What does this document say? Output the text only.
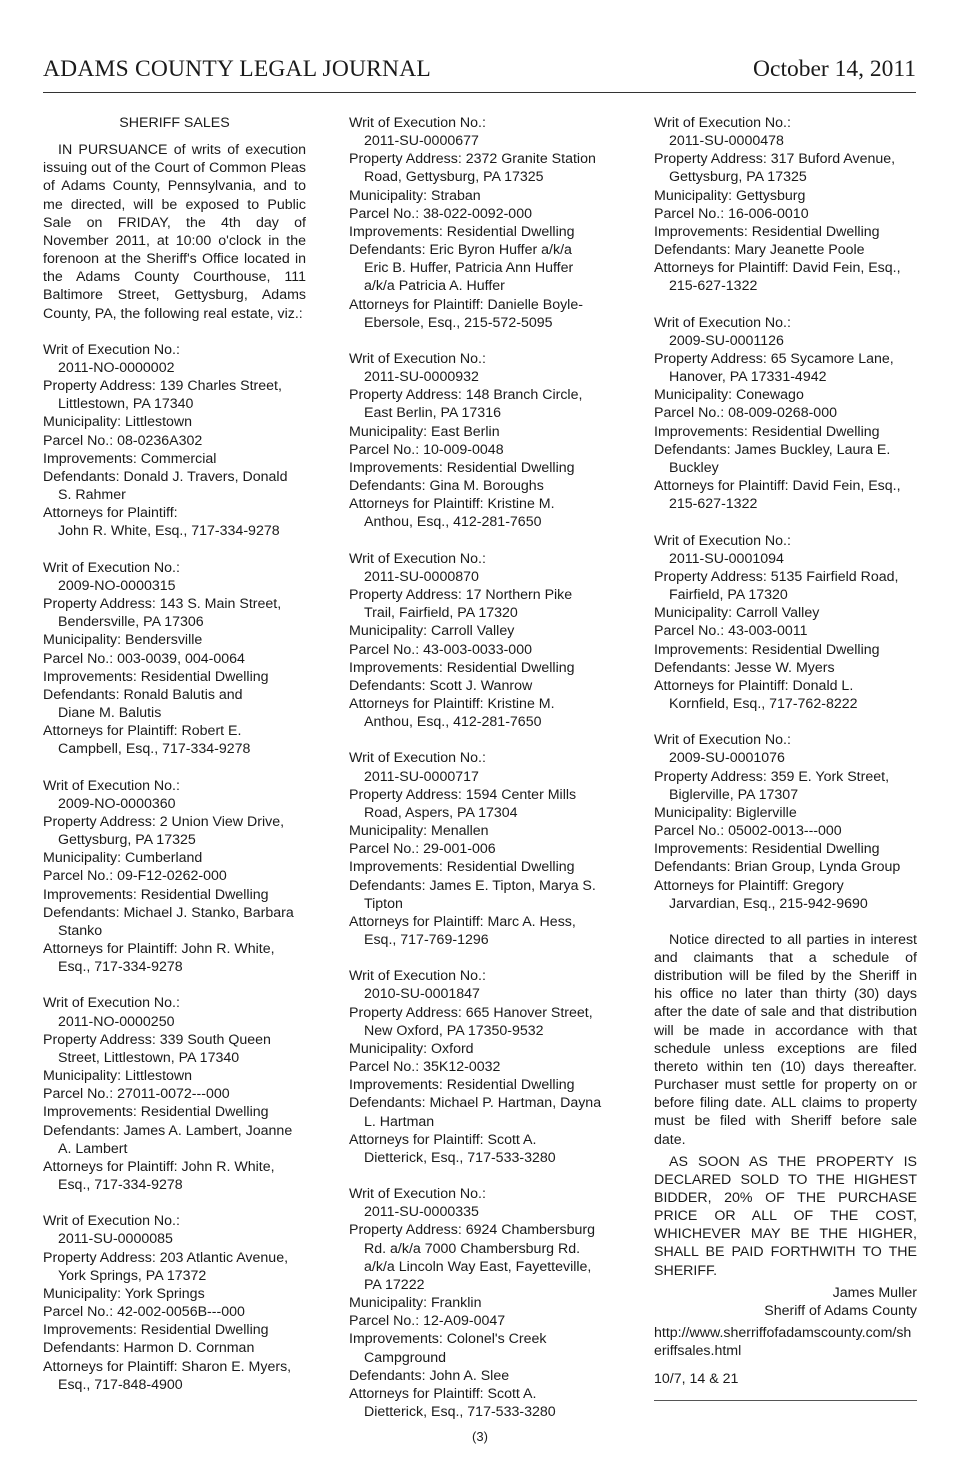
ADAMS COUNTY LEGAL JOURNAL	October 14, 2011

SHERIFF SALES

IN PURSUANCE of writs of execution issuing out of the Court of Common Pleas of Adams County, Pennsylvania, and to me directed, will be exposed to Public Sale on FRIDAY, the 4th day of November 2011, at 10:00 o'clock in the forenoon at the Sheriff's Office located in the Adams County Courthouse, 111 Baltimore Street, Gettysburg, Adams County, PA, the following real estate, viz.:

Writ of Execution No.:
2011-NO-0000002
Property Address: 139 Charles Street,
Littlestown, PA 17340
Municipality: Littlestown
Parcel No.: 08-0236A302
Improvements: Commercial
Defendants: Donald J. Travers, Donald
S. Rahmer
Attorneys for Plaintiff:
John R. White, Esq., 717-334-9278
Writ of Execution No.:
2009-NO-0000315
Property Address: 143 S. Main Street,
Bendersville, PA 17306
Municipality: Bendersville
Parcel No.: 003-0039, 004-0064
Improvements: Residential Dwelling
Defendants: Ronald Balutis and
Diane M. Balutis
Attorneys for Plaintiff: Robert E.
Campbell, Esq., 717-334-9278
Writ of Execution No.:
2009-NO-0000360
Property Address: 2 Union View Drive,
Gettysburg, PA 17325
Municipality: Cumberland
Parcel No.: 09-F12-0262-000
Improvements: Residential Dwelling
Defendants: Michael J. Stanko, Barbara
Stanko
Attorneys for Plaintiff: John R. White,
Esq., 717-334-9278
Writ of Execution No.:
2011-NO-0000250
Property Address: 339 South Queen
Street, Littlestown, PA 17340
Municipality: Littlestown
Parcel No.: 27011-0072---000
Improvements: Residential Dwelling
Defendants: James A. Lambert, Joanne
A. Lambert
Attorneys for Plaintiff: John R. White,
Esq., 717-334-9278
Writ of Execution No.:
2011-SU-0000085
Property Address: 203 Atlantic Avenue,
York Springs, PA 17372
Municipality: York Springs
Parcel No.: 42-002-0056B---000
Improvements: Residential Dwelling
Defendants: Harmon D. Cornman
Attorneys for Plaintiff: Sharon E. Myers,
Esq., 717-848-4900
Writ of Execution No.:
2011-SU-0000677
Property Address: 2372 Granite Station
Road, Gettysburg, PA 17325
Municipality: Straban
Parcel No.: 38-022-0092-000
Improvements: Residential Dwelling
Defendants: Eric Byron Huffer a/k/a
Eric B. Huffer, Patricia Ann Huffer
a/k/a Patricia A. Huffer
Attorneys for Plaintiff: Danielle Boyle-
Ebersole, Esq., 215-572-5095
Writ of Execution No.:
2011-SU-0000932
Property Address: 148 Branch Circle,
East Berlin, PA 17316
Municipality: East Berlin
Parcel No.: 10-009-0048
Improvements: Residential Dwelling
Defendants: Gina M. Boroughs
Attorneys for Plaintiff: Kristine M.
Anthou, Esq., 412-281-7650
Writ of Execution No.:
2011-SU-0000870
Property Address: 17 Northern Pike
Trail, Fairfield, PA 17320
Municipality: Carroll Valley
Parcel No.: 43-003-0033-000
Improvements: Residential Dwelling
Defendants: Scott J. Wanrow
Attorneys for Plaintiff: Kristine M.
Anthou, Esq., 412-281-7650
Writ of Execution No.:
2011-SU-0000717
Property Address: 1594 Center Mills
Road, Aspers, PA 17304
Municipality: Menallen
Parcel No.: 29-001-006
Improvements: Residential Dwelling
Defendants: James E. Tipton, Marya S.
Tipton
Attorneys for Plaintiff: Marc A. Hess,
Esq., 717-769-1296
Writ of Execution No.:
2010-SU-0001847
Property Address: 665 Hanover Street,
New Oxford, PA 17350-9532
Municipality: Oxford
Parcel No.: 35K12-0032
Improvements: Residential Dwelling
Defendants: Michael P. Hartman, Dayna
L. Hartman
Attorneys for Plaintiff: Scott A.
Dietterick, Esq., 717-533-3280
Writ of Execution No.:
2011-SU-0000335
Property Address: 6924 Chambersburg
Rd. a/k/a 7000 Chambersburg Rd.
a/k/a Lincoln Way East, Fayetteville,
PA 17222
Municipality: Franklin
Parcel No.: 12-A09-0047
Improvements: Colonel's Creek
Campground
Defendants: John A. Slee
Attorneys for Plaintiff: Scott A.
Dietterick, Esq., 717-533-3280
Writ of Execution No.:
2011-SU-0000478
Property Address: 317 Buford Avenue,
Gettysburg, PA 17325
Municipality: Gettysburg
Parcel No.: 16-006-0010
Improvements: Residential Dwelling
Defendants: Mary Jeanette Poole
Attorneys for Plaintiff: David Fein, Esq.,
215-627-1322
Writ of Execution No.:
2009-SU-0001126
Property Address: 65 Sycamore Lane,
Hanover, PA 17331-4942
Municipality: Conewago
Parcel No.: 08-009-0268-000
Improvements: Residential Dwelling
Defendants: James Buckley, Laura E.
Buckley
Attorneys for Plaintiff: David Fein, Esq.,
215-627-1322
Writ of Execution No.:
2011-SU-0001094
Property Address: 5135 Fairfield Road,
Fairfield, PA 17320
Municipality: Carroll Valley
Parcel No.: 43-003-0011
Improvements: Residential Dwelling
Defendants: Jesse W. Myers
Attorneys for Plaintiff: Donald L.
Kornfield, Esq., 717-762-8222
Writ of Execution No.:
2009-SU-0001076
Property Address: 359 E. York Street,
Biglerville, PA 17307
Municipality: Biglerville
Parcel No.: 05002-0013---000
Improvements: Residential Dwelling
Defendants: Brian Group, Lynda Group
Attorneys for Plaintiff: Gregory
Jarvardian, Esq., 215-942-9690

Notice directed to all parties in interest and claimants that a schedule of distribution will be filed by the Sheriff in his office no later than thirty (30) days after the date of sale and that distribution will be made in accordance with that schedule unless exceptions are filed thereto within ten (10) days thereafter. Purchaser must settle for property on or before filing date. ALL claims to property must be filed with Sheriff before sale date.

AS SOON AS THE PROPERTY IS DECLARED SOLD TO THE HIGHEST BIDDER, 20% OF THE PURCHASE PRICE OR ALL OF THE COST, WHICHEVER MAY BE THE HIGHER, SHALL BE PAID FORTHWITH TO THE SHERIFF.

James Muller
Sheriff of Adams County
http://www.sherriffofadamscounty.com/sheriffsales.html
10/7, 14 & 21
(3)
